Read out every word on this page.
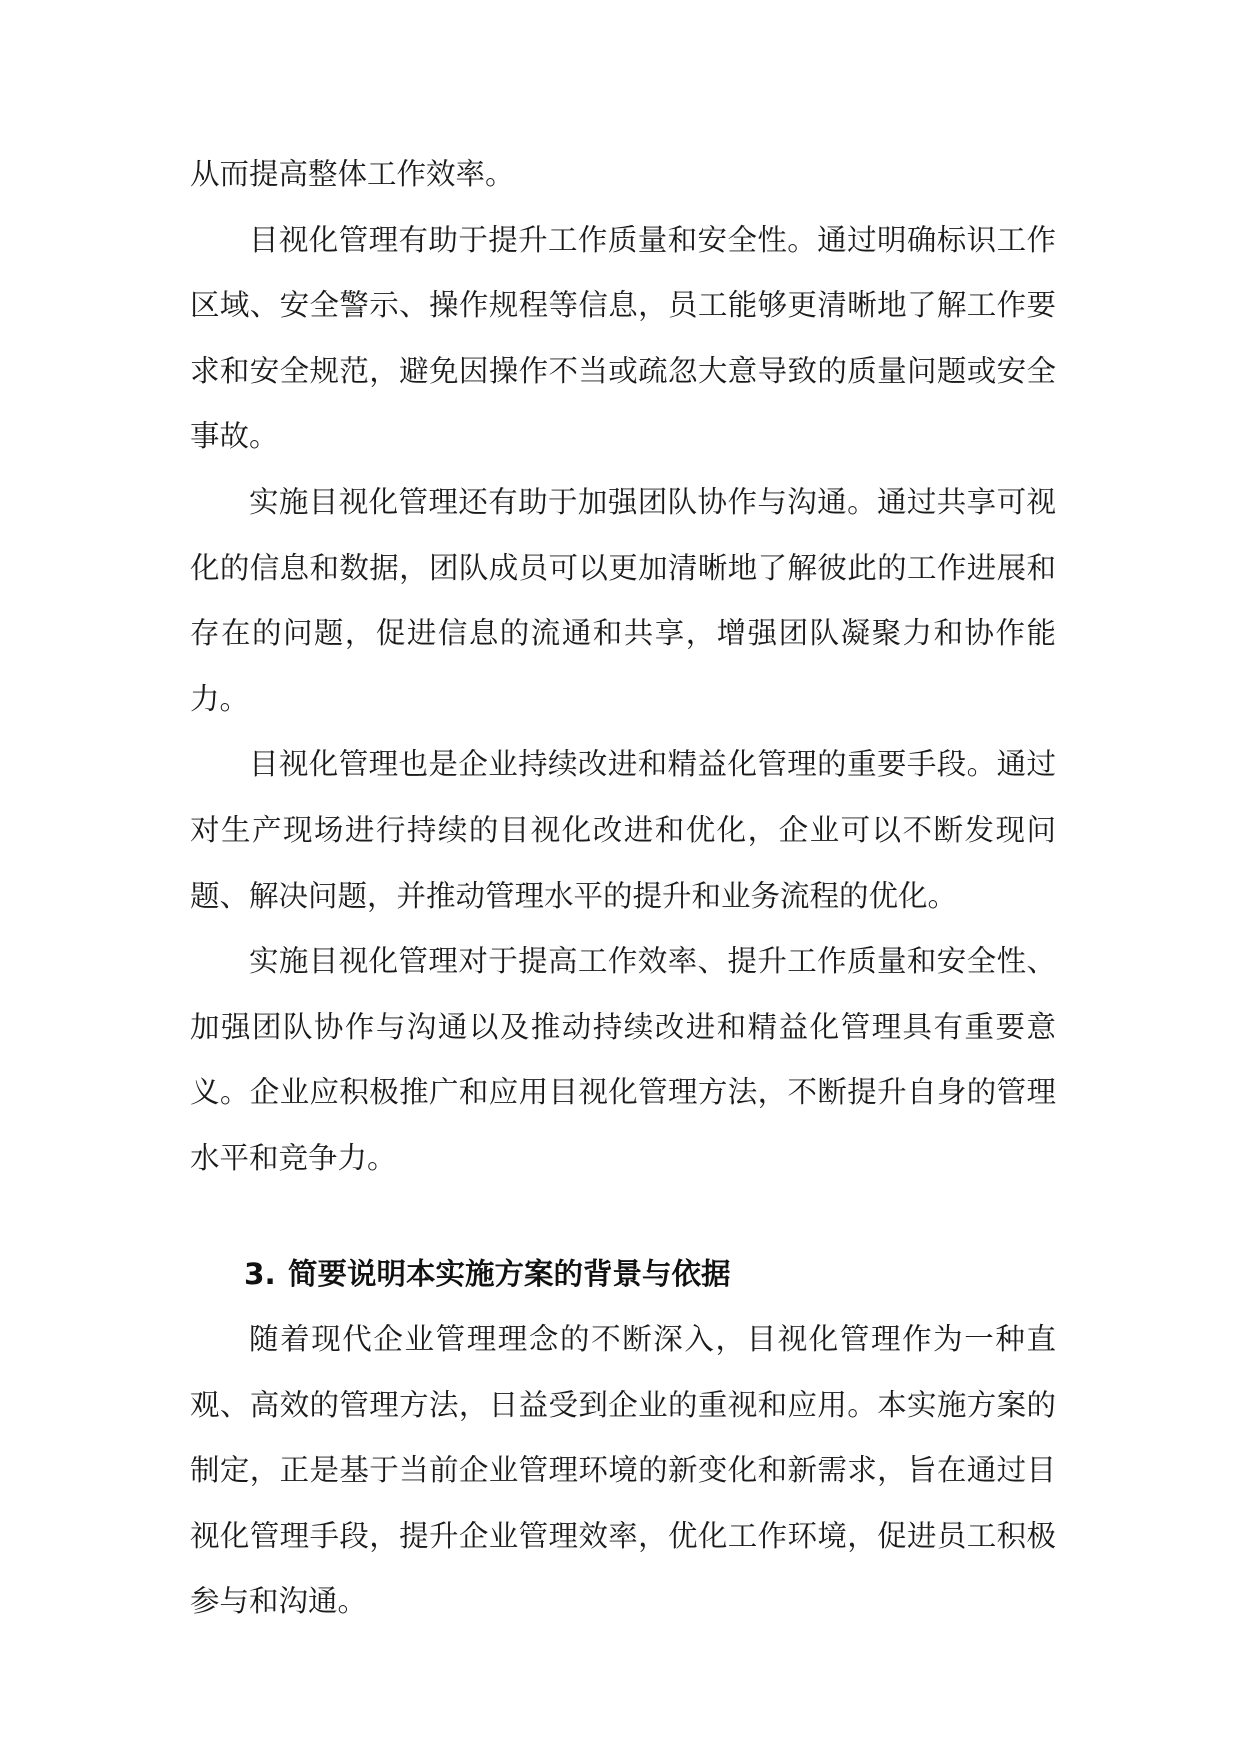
从而提高整体工作效率。

目视化管理有助于提升工作质量和安全性。通过明确标识工作区域、安全警示、操作规程等信息，员工能够更清晰地了解工作要求和安全规范，避免因操作不当或疏忽大意导致的质量问题或安全事故。

实施目视化管理还有助于加强团队协作与沟通。通过共享可视化的信息和数据，团队成员可以更加清晰地了解彼此的工作进展和存在的问题，促进信息的流通和共享，增强团队凝聚力和协作能力。

目视化管理也是企业持续改进和精益化管理的重要手段。通过对生产现场进行持续的目视化改进和优化，企业可以不断发现问题、解决问题，并推动管理水平的提升和业务流程的优化。

实施目视化管理对于提高工作效率、提升工作质量和安全性、加强团队协作与沟通以及推动持续改进和精益化管理具有重要意义。企业应积极推广和应用目视化管理方法，不断提升自身的管理水平和竞争力。

3. 简要说明本实施方案的背景与依据

随着现代企业管理理念的不断深入，目视化管理作为一种直观、高效的管理方法，日益受到企业的重视和应用。本实施方案的制定，正是基于当前企业管理环境的新变化和新需求，旨在通过目视化管理手段，提升企业管理效率，优化工作环境，促进员工积极参与和沟通。
